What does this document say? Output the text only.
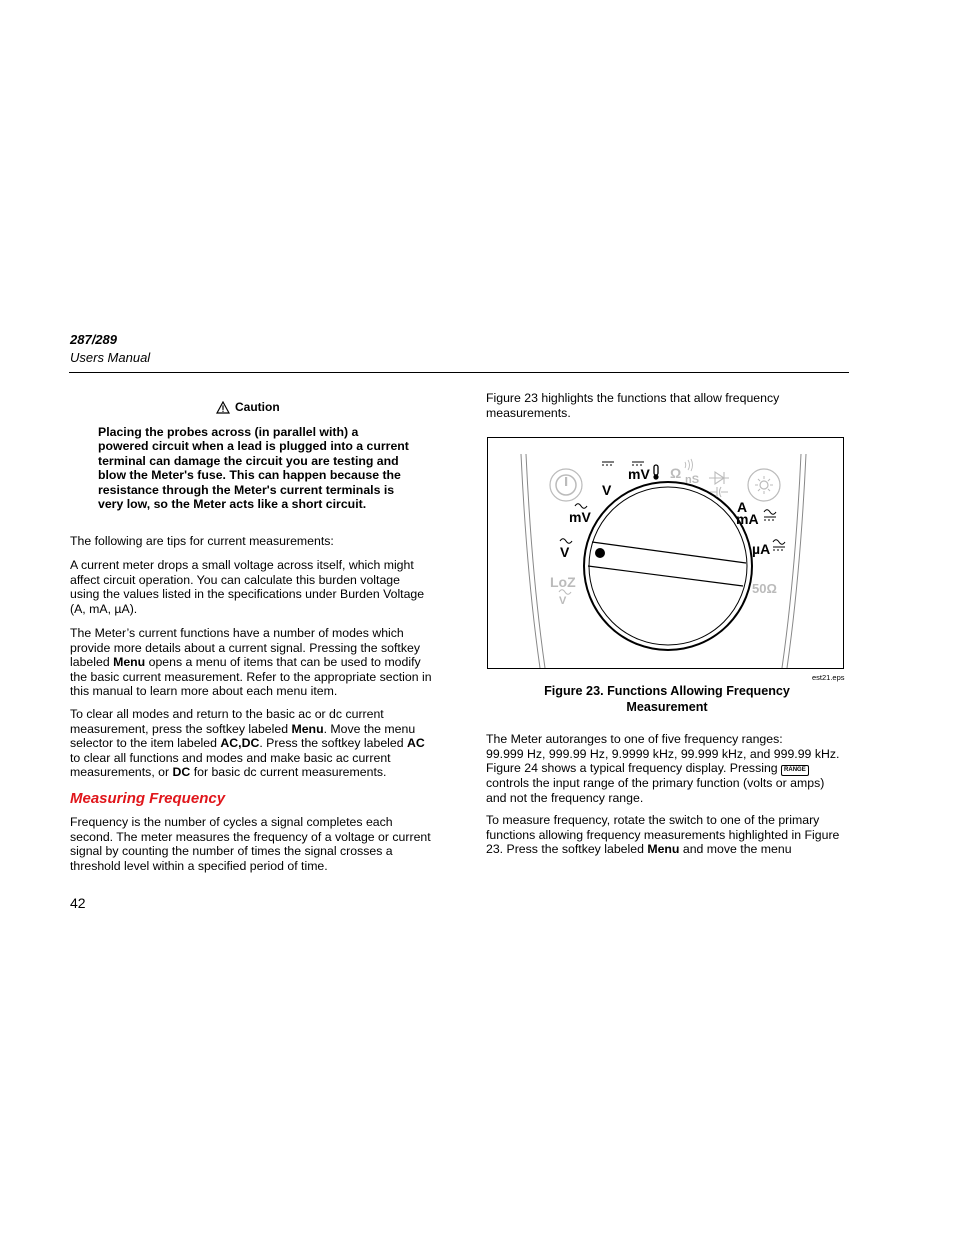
287/289
Users Manual
Caution

Placing the probes across (in parallel with) a powered circuit when a lead is plugged into a current terminal can damage the circuit you are testing and blow the Meter's fuse. This can happen because the resistance through the Meter's current terminals is very low, so the Meter acts like a short circuit.

The following are tips for current measurements:

A current meter drops a small voltage across itself, which might affect circuit operation. You can calculate this burden voltage using the values listed in the specifications under Burden Voltage (A, mA, µA).

The Meter’s current functions have a number of modes which provide more details about a current signal. Pressing the softkey labeled Menu opens a menu of items that can be used to modify the basic current measurement. Refer to the appropriate section in this manual to learn more about each menu item.

To clear all modes and return to the basic ac or dc current measurement, press the softkey labeled Menu. Move the menu selector to the item labeled AC,DC. Press the softkey labeled AC to clear all functions and modes and make basic ac current measurements, or DC for basic dc current measurements.

Measuring Frequency

Frequency is the number of cycles a signal completes each second. The meter measures the frequency of a voltage or current signal by counting the number of times the signal crosses a threshold level within a specified period of time.

42

Figure 23 highlights the functions that allow frequency measurements.

V
mV Ω nS
mV
V
LoZ
V
A
mA
µA
50Ω
est21.eps
Figure 23. Functions Allowing Frequency
Measurement

The Meter autoranges to one of five frequency ranges:
99.999 Hz, 999.99 Hz, 9.9999 kHz, 99.999 kHz, and 999.99 kHz.
Figure 24 shows a typical frequency display. Pressing RANGE
controls the input range of the primary function (volts or amps) and not the frequency range.

To measure frequency, rotate the switch to one of the primary functions allowing frequency measurements highlighted in Figure 23. Press the softkey labeled Menu and move the menu
